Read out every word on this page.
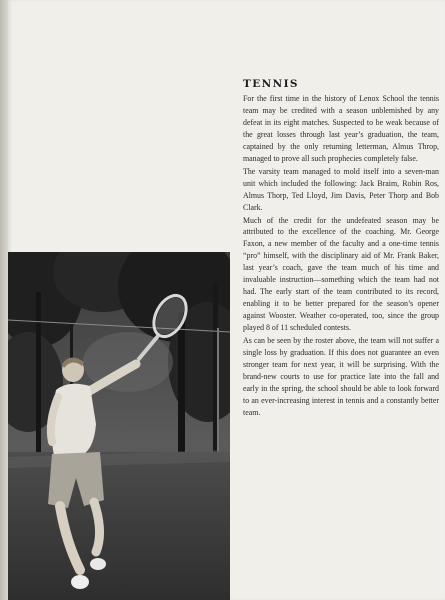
TENNIS

For the first time in the history of Lenox School the tennis team may be credited with a season unblemished by any defeat in its eight matches. Suspected to be weak because of the great losses through last year’s graduation, the team, captained by the only returning letterman, Almus Throp, managed to prove all such prophecies completely false.

The varsity team managed to mold itself into a seven-man unit which included the following: Jack Braim, Robin Ros, Almus Thorp, Ted Lloyd, Jim Davis, Peter Thorp and Bob Clark.

Much of the credit for the undefeated season may be attributed to the excellence of the coaching. Mr. George Faxon, a new member of the faculty and a one-time tennis “pro” himself, with the disciplinary aid of Mr. Frank Baker, last year’s coach, gave the team much of his time and invaluable instruction—something which the team had not had. The early start of the team contributed to its record, enabling it to be better prepared for the season’s opener against Wooster. Weather co-operated, too, since the group played 8 of 11 scheduled contests.

As can be seen by the roster above, the team will not suffer a single loss by graduation. If this does not guarantee an even stronger team for next year, it will be surprising. With the brand-new courts to use for practice late into the fall and early in the spring, the school should be able to look forward to an ever-increasing interest in tennis and a constantly better team.
